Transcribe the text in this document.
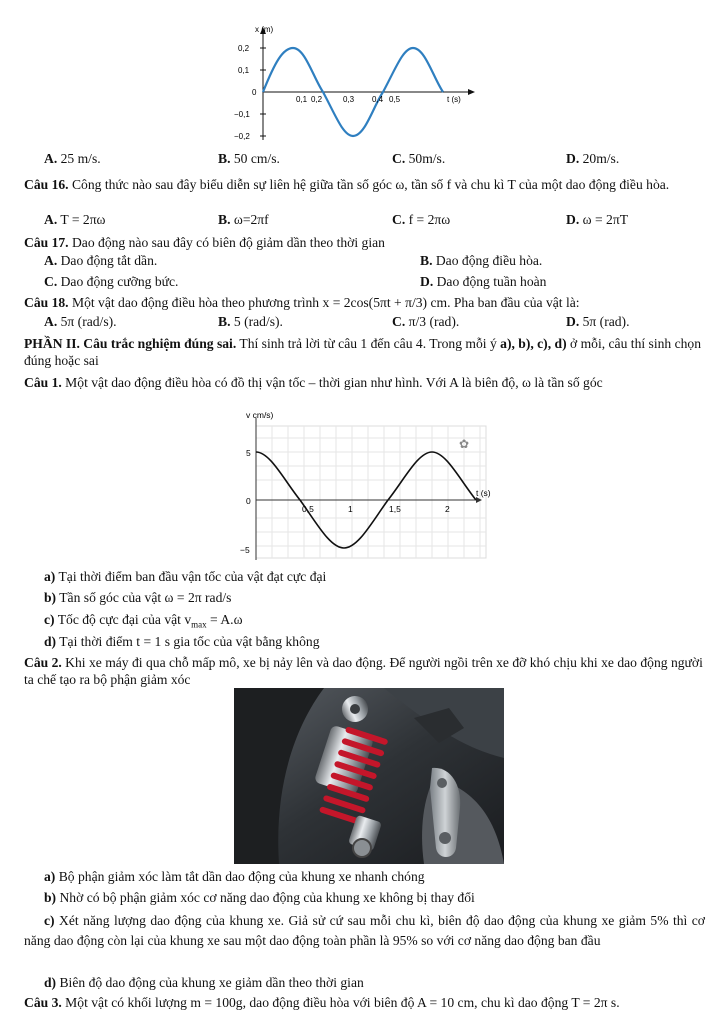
x (m)
t (s)
0,2
0,1
0
−0,1
−0,2
0,1 0,2	0,3 0,4 0,5
A. 25 m/s.	B. 50 cm/s.	C. 50m/s.	D. 20m/s.
Câu 16. Công thức nào sau đây biểu diễn sự liên hệ giữa tần số góc ω, tần số f và chu kì T của một dao động điều hòa.
A. T = 2πω	B. ω=2πf	C. f = 2πω	D. ω = 2πT
Câu 17. Dao động nào sau đây có biên độ giảm dần theo thời gian
A. Dao động tắt dần.	B. Dao động điều hòa.
C. Dao động cưỡng bức.	D. Dao động tuần hoàn
Câu 18. Một vật dao động điều hòa theo phương trình x = 2cos(5πt + π/3) cm. Pha ban đầu của vật là:
A. 5π (rad/s).	B. 5 (rad/s).	C. π/3 (rad).	D. 5π (rad).
PHẦN II. Câu trắc nghiệm đúng sai. Thí sinh trả lời từ câu 1 đến câu 4. Trong mỗi ý a), b), c), d) ở mỗi, câu thí sinh chọn đúng hoặc sai
Câu 1. Một vật dao động điều hòa có đồ thị vận tốc – thời gian như hình. Với A là biên độ, ω là tần số góc
✿
v cm/s)
t (s)
5
0
−5
0,5	1	1,5	2
a) Tại thời điểm ban đầu vận tốc của vật đạt cực đại
b) Tần số góc của vật ω = 2π rad/s
c) Tốc độ cực đại của vật $v_{max} = A.\omega$
d) Tại thời điểm t = 1 s gia tốc của vật bằng không
Câu 2. Khi xe máy đi qua chỗ mấp mô, xe bị nảy lên và dao động. Để người ngồi trên xe đỡ khó chịu khi xe dao động người ta chế tạo ra bộ phận giảm xóc
a) Bộ phận giảm xóc làm tắt dần dao động của khung xe nhanh chóng
b) Nhờ có bộ phận giảm xóc cơ năng dao động của khung xe không bị thay đổi
c) Xét năng lượng dao động của khung xe. Giả sử cứ sau mỗi chu kì, biên độ dao động của khung xe giảm 5% thì cơ năng dao động còn lại của khung xe sau một dao động toàn phần là 95% so với cơ năng dao động ban đầu
d) Biên độ dao động của khung xe giảm dần theo thời gian
Câu 3. Một vật có khối lượng m = 100g, dao động điều hòa với biên độ A = 10 cm, chu kì dao động T = 2π s.
